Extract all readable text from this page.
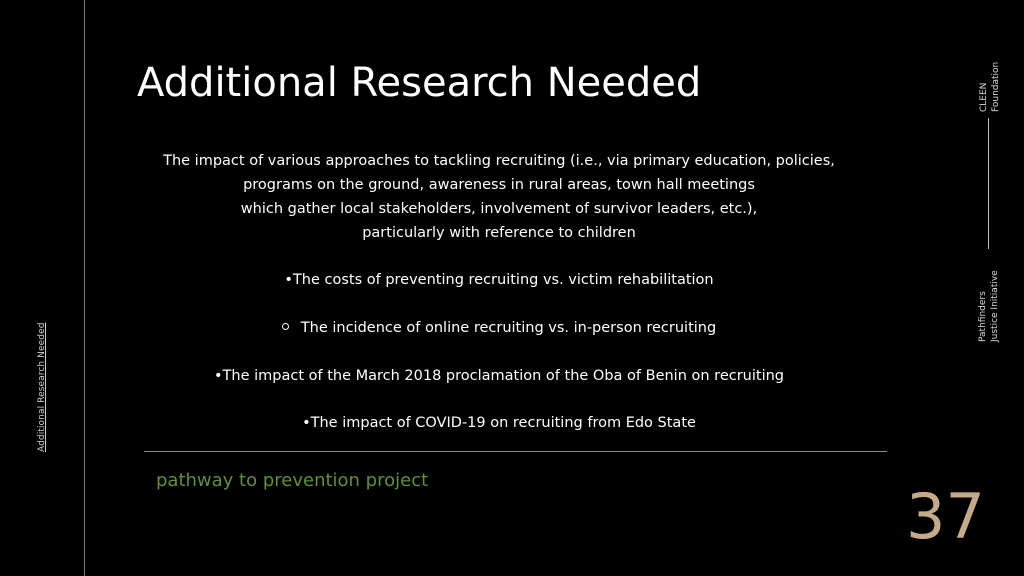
Additional Research Needed
Additional Research Needed

The impact of various approaches to tackling recruiting (i.e., via primary education, policies,
programs on the ground, awareness in rural areas, town hall meetings
which gather local stakeholders, involvement of survivor leaders, etc.),
particularly with reference to children

•The costs of preventing recruiting vs. victim rehabilitation

The incidence of online recruiting vs. in-person recruiting

•The impact of the March 2018 proclamation of the Oba of Benin on recruiting

•The impact of COVID-19 on recruiting from Edo State

pathway to prevention project	37
CLEEN Foundation
Pathfinders Justice Initiative
